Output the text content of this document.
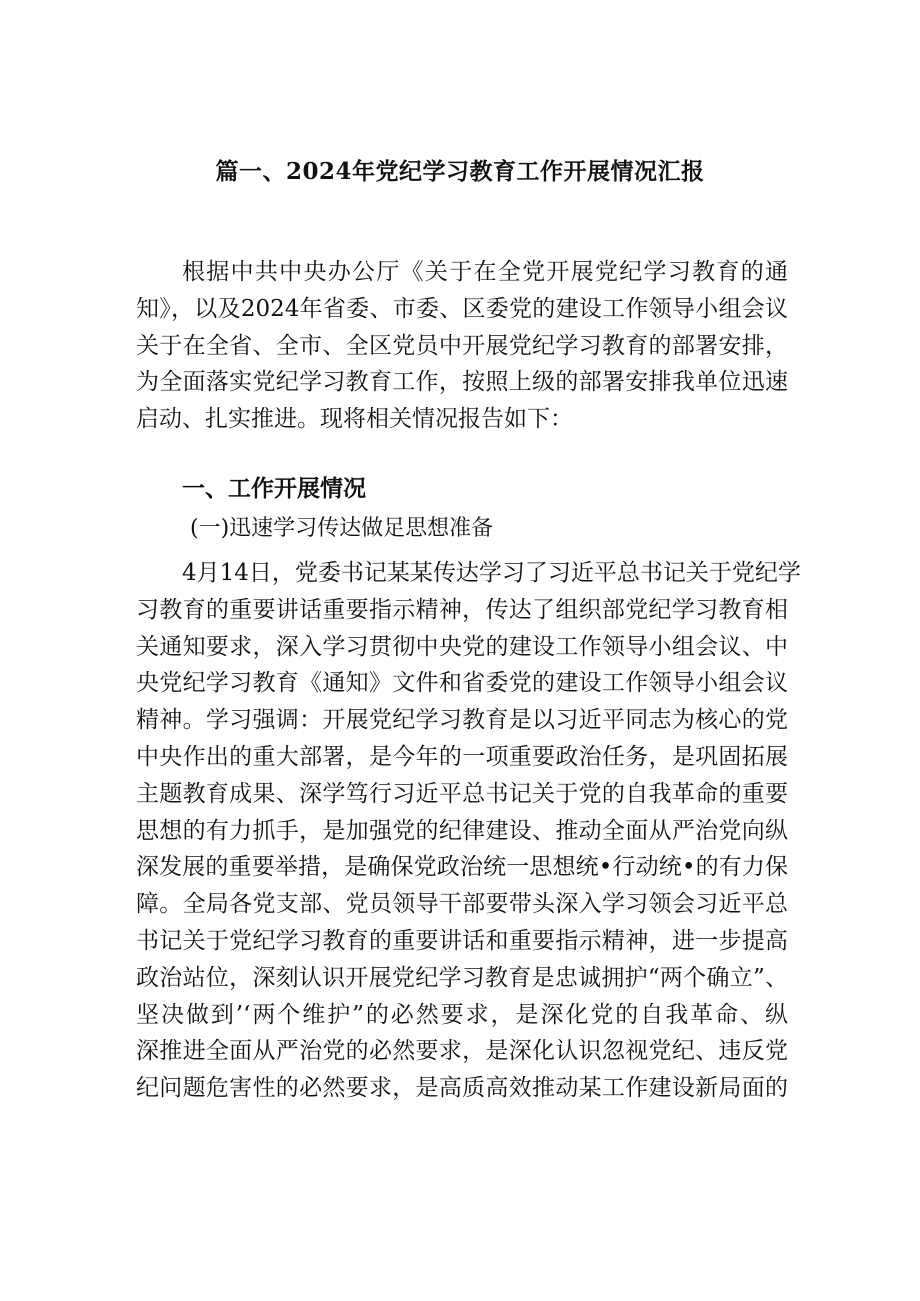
篇一、2024年党纪学习教育工作开展情况汇报
根据中共中央办公厅《关于在全党开展党纪学习教育的通
知》，以及2024年省委、市委、区委党的建设工作领导小组会议
关于在全省、全市、全区党员中开展党纪学习教育的部署安排，
为全面落实党纪学习教育工作，按照上级的部署安排我单位迅速
启动、扎实推进。现将相关情况报告如下：
一、工作开展情况
(一)迅速学习传达做足思想准备
4月14日，党委书记某某传达学习了习近平总书记关于党纪学
习教育的重要讲话重要指示精神，传达了组织部党纪学习教育相
关通知要求，深入学习贯彻中央党的建设工作领导小组会议、中
央党纪学习教育《通知》文件和省委党的建设工作领导小组会议
精神。学习强调：开展党纪学习教育是以习近平同志为核心的党
中央作出的重大部署，是今年的一项重要政治任务，是巩固拓展
主题教育成果、深学笃行习近平总书记关于党的自我革命的重要
思想的有力抓手，是加强党的纪律建设、推动全面从严治党向纵
深发展的重要举措，是确保党政治统一思想统•行动统•的有力保
障。全局各党支部、党员领导干部要带头深入学习领会习近平总
书记关于党纪学习教育的重要讲话和重要指示精神，进一步提高
政治站位，深刻认识开展党纪学习教育是忠诚拥护“两个确立”、
坚决做到’‘两个维护”的必然要求，是深化党的自我革命、纵
深推进全面从严治党的必然要求，是深化认识忽视党纪、违反党
纪问题危害性的必然要求，是高质高效推动某工作建设新局面的
